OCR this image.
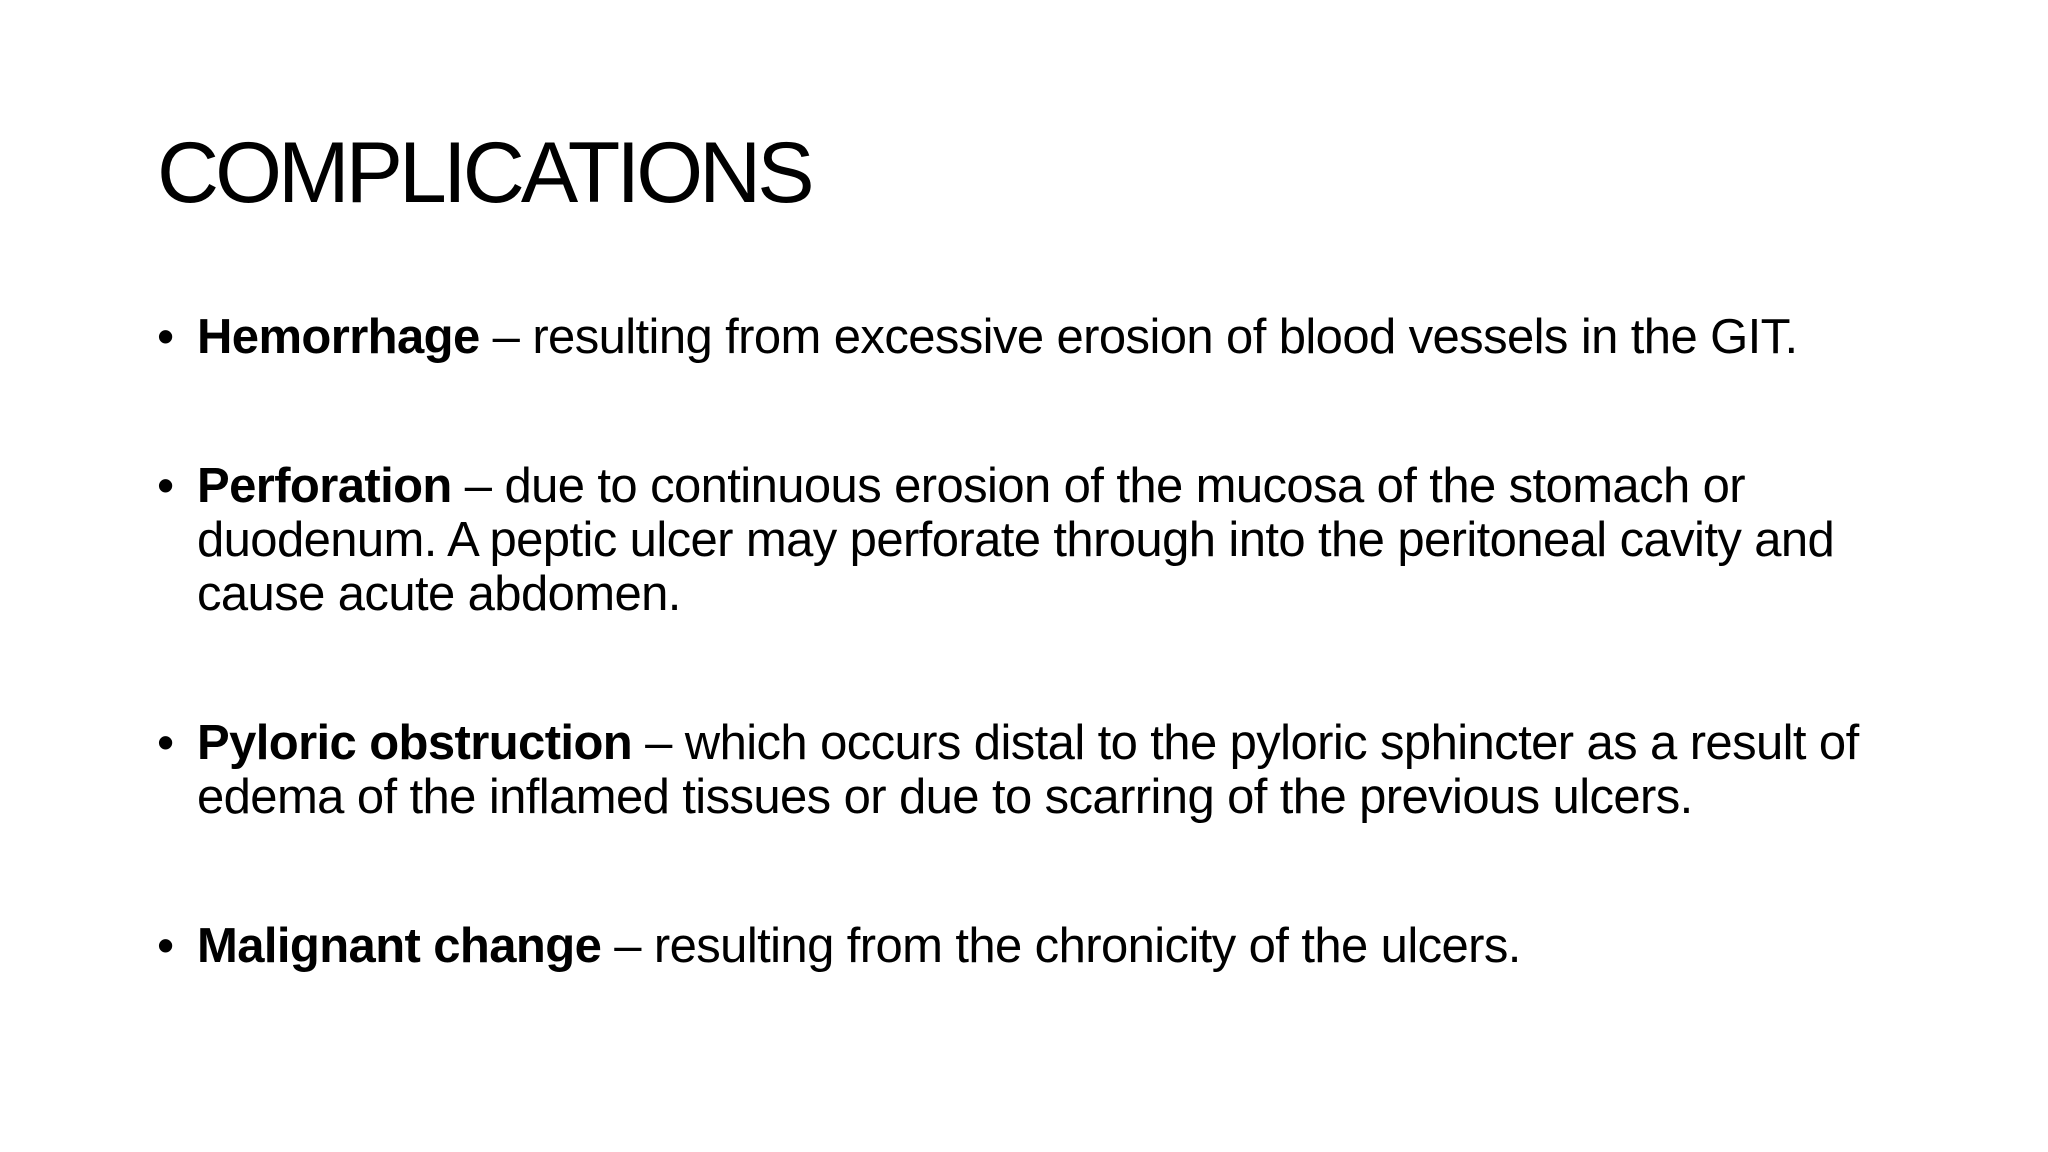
COMPLICATIONS
• Hemorrhage – resulting from excessive erosion of blood vessels in the GIT.
• Perforation – due to continuous erosion of the mucosa of the stomach or duodenum. A peptic ulcer may perforate through into the peritoneal cavity and cause acute abdomen.
• Pyloric obstruction – which occurs distal to the pyloric sphincter as a result of edema of the inflamed tissues or due to scarring of the previous ulcers.
• Malignant change – resulting from the chronicity of the ulcers.
